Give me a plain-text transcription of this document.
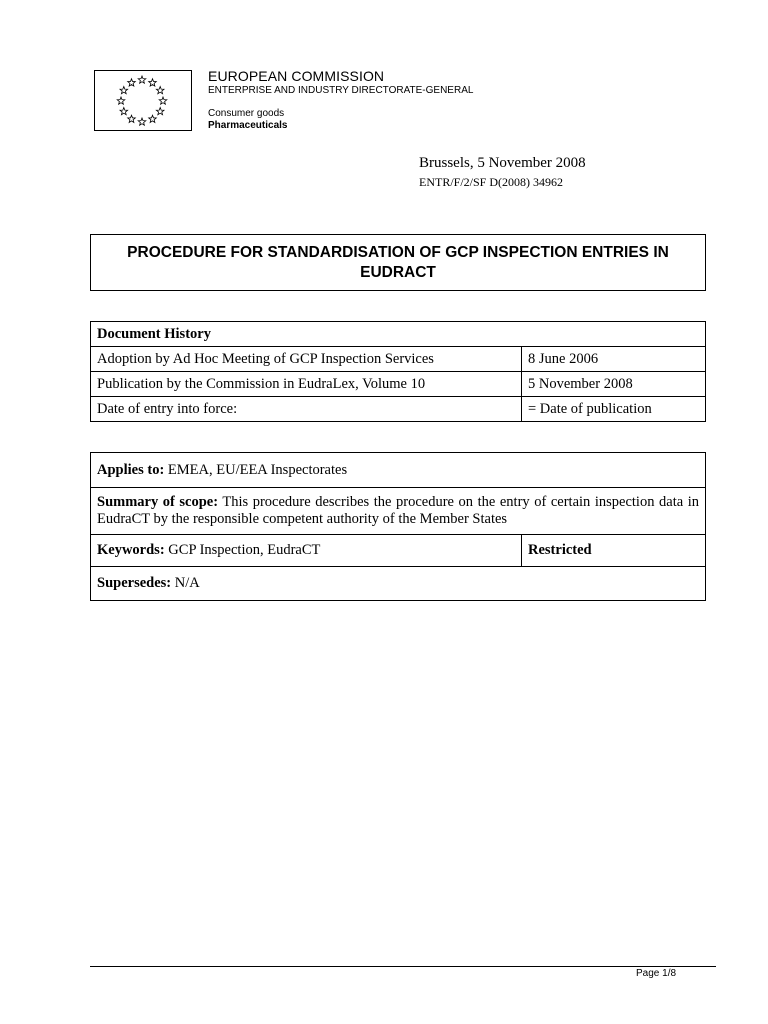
EUROPEAN COMMISSION
ENTERPRISE AND INDUSTRY DIRECTORATE-GENERAL
Consumer goods
Pharmaceuticals
Brussels, 5 November 2008
ENTR/F/2/SF D(2008) 34962
PROCEDURE FOR STANDARDISATION OF GCP INSPECTION ENTRIES IN EUDRACT
Document History	
Adoption by Ad Hoc Meeting of GCP Inspection Services	8 June 2006
Publication by the Commission in EudraLex, Volume 10	5 November 2008
Date of entry into force:	= Date of publication
Applies to: EMEA, EU/EEA Inspectorates
Summary of scope: This procedure describes the procedure on the entry of certain inspection data in EudraCT by the responsible competent authority of the Member States
Keywords: GCP Inspection, EudraCT	Restricted
Supersedes: N/A
Page 1/8
